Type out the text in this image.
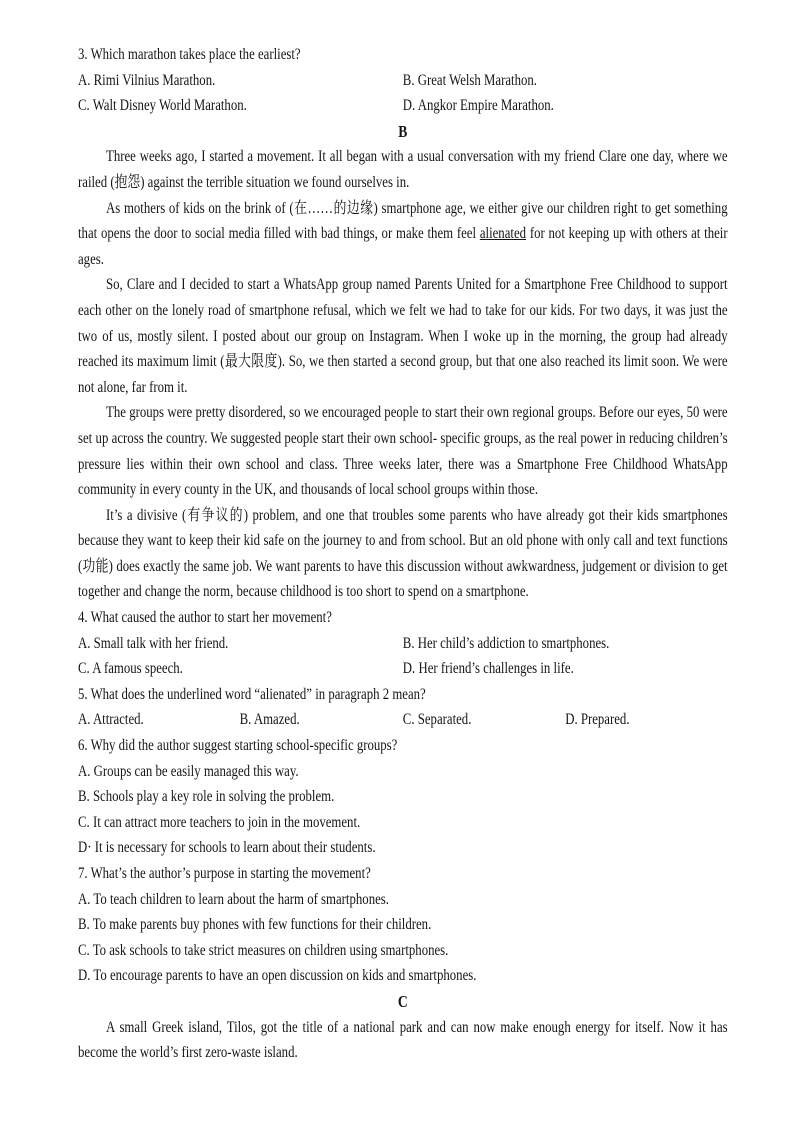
3. Which marathon takes place the earliest?
A. Rimi Vilnius Marathon.	B. Great Welsh Marathon.
C. Walt Disney World Marathon.	D. Angkor Empire Marathon.
B

Three weeks ago, I started a movement. It all began with a usual conversation with my friend Clare one day, where we railed (抱怨) against the terrible situation we found ourselves in.

As mothers of kids on the brink of (在……的边缘) smartphone age, we either give our children right to get something that opens the door to social media filled with bad things, or make them feel alienated for not keeping up with others at their ages.

So, Clare and I decided to start a WhatsApp group named Parents United for a Smartphone Free Childhood to support each other on the lonely road of smartphone refusal, which we felt we had to take for our kids. For two days, it was just the two of us, mostly silent. I posted about our group on Instagram. When I woke up in the morning, the group had already reached its maximum limit (最大限度). So, we then started a second group, but that one also reached its limit soon. We were not alone, far from it.

The groups were pretty disordered, so we encouraged people to start their own regional groups. Before our eyes, 50 were set up across the country. We suggested people start their own school- specific groups, as the real power in reducing children’s pressure lies within their own school and class. Three weeks later, there was a Smartphone Free Childhood WhatsApp community in every county in the UK, and thousands of local school groups within those.

It’s a divisive (有争议的) problem, and one that troubles some parents who have already got their kids smartphones because they want to keep their kid safe on the journey to and from school. But an old phone with only call and text functions (功能) does exactly the same job. We want parents to have this discussion without awkwardness, judgement or division to get together and change the norm, because childhood is too short to spend on a smartphone.

4. What caused the author to start her movement?
A. Small talk with her friend.	B. Her child’s addiction to smartphones.
C. A famous speech.	D. Her friend’s challenges in life.
5. What does the underlined word “alienated” in paragraph 2 mean?
A. Attracted.	B. Amazed.	C. Separated.	D. Prepared.
6. Why did the author suggest starting school-specific groups?
A. Groups can be easily managed this way.
B. Schools play a key role in solving the problem.
C. It can attract more teachers to join in the movement.
D· It is necessary for schools to learn about their students.
7. What’s the author’s purpose in starting the movement?
A. To teach children to learn about the harm of smartphones.
B. To make parents buy phones with few functions for their children.
C. To ask schools to take strict measures on children using smartphones.
D. To encourage parents to have an open discussion on kids and smartphones.
C

A small Greek island, Tilos, got the title of a national park and can now make enough energy for itself. Now it has become the world’s first zero-waste island.
